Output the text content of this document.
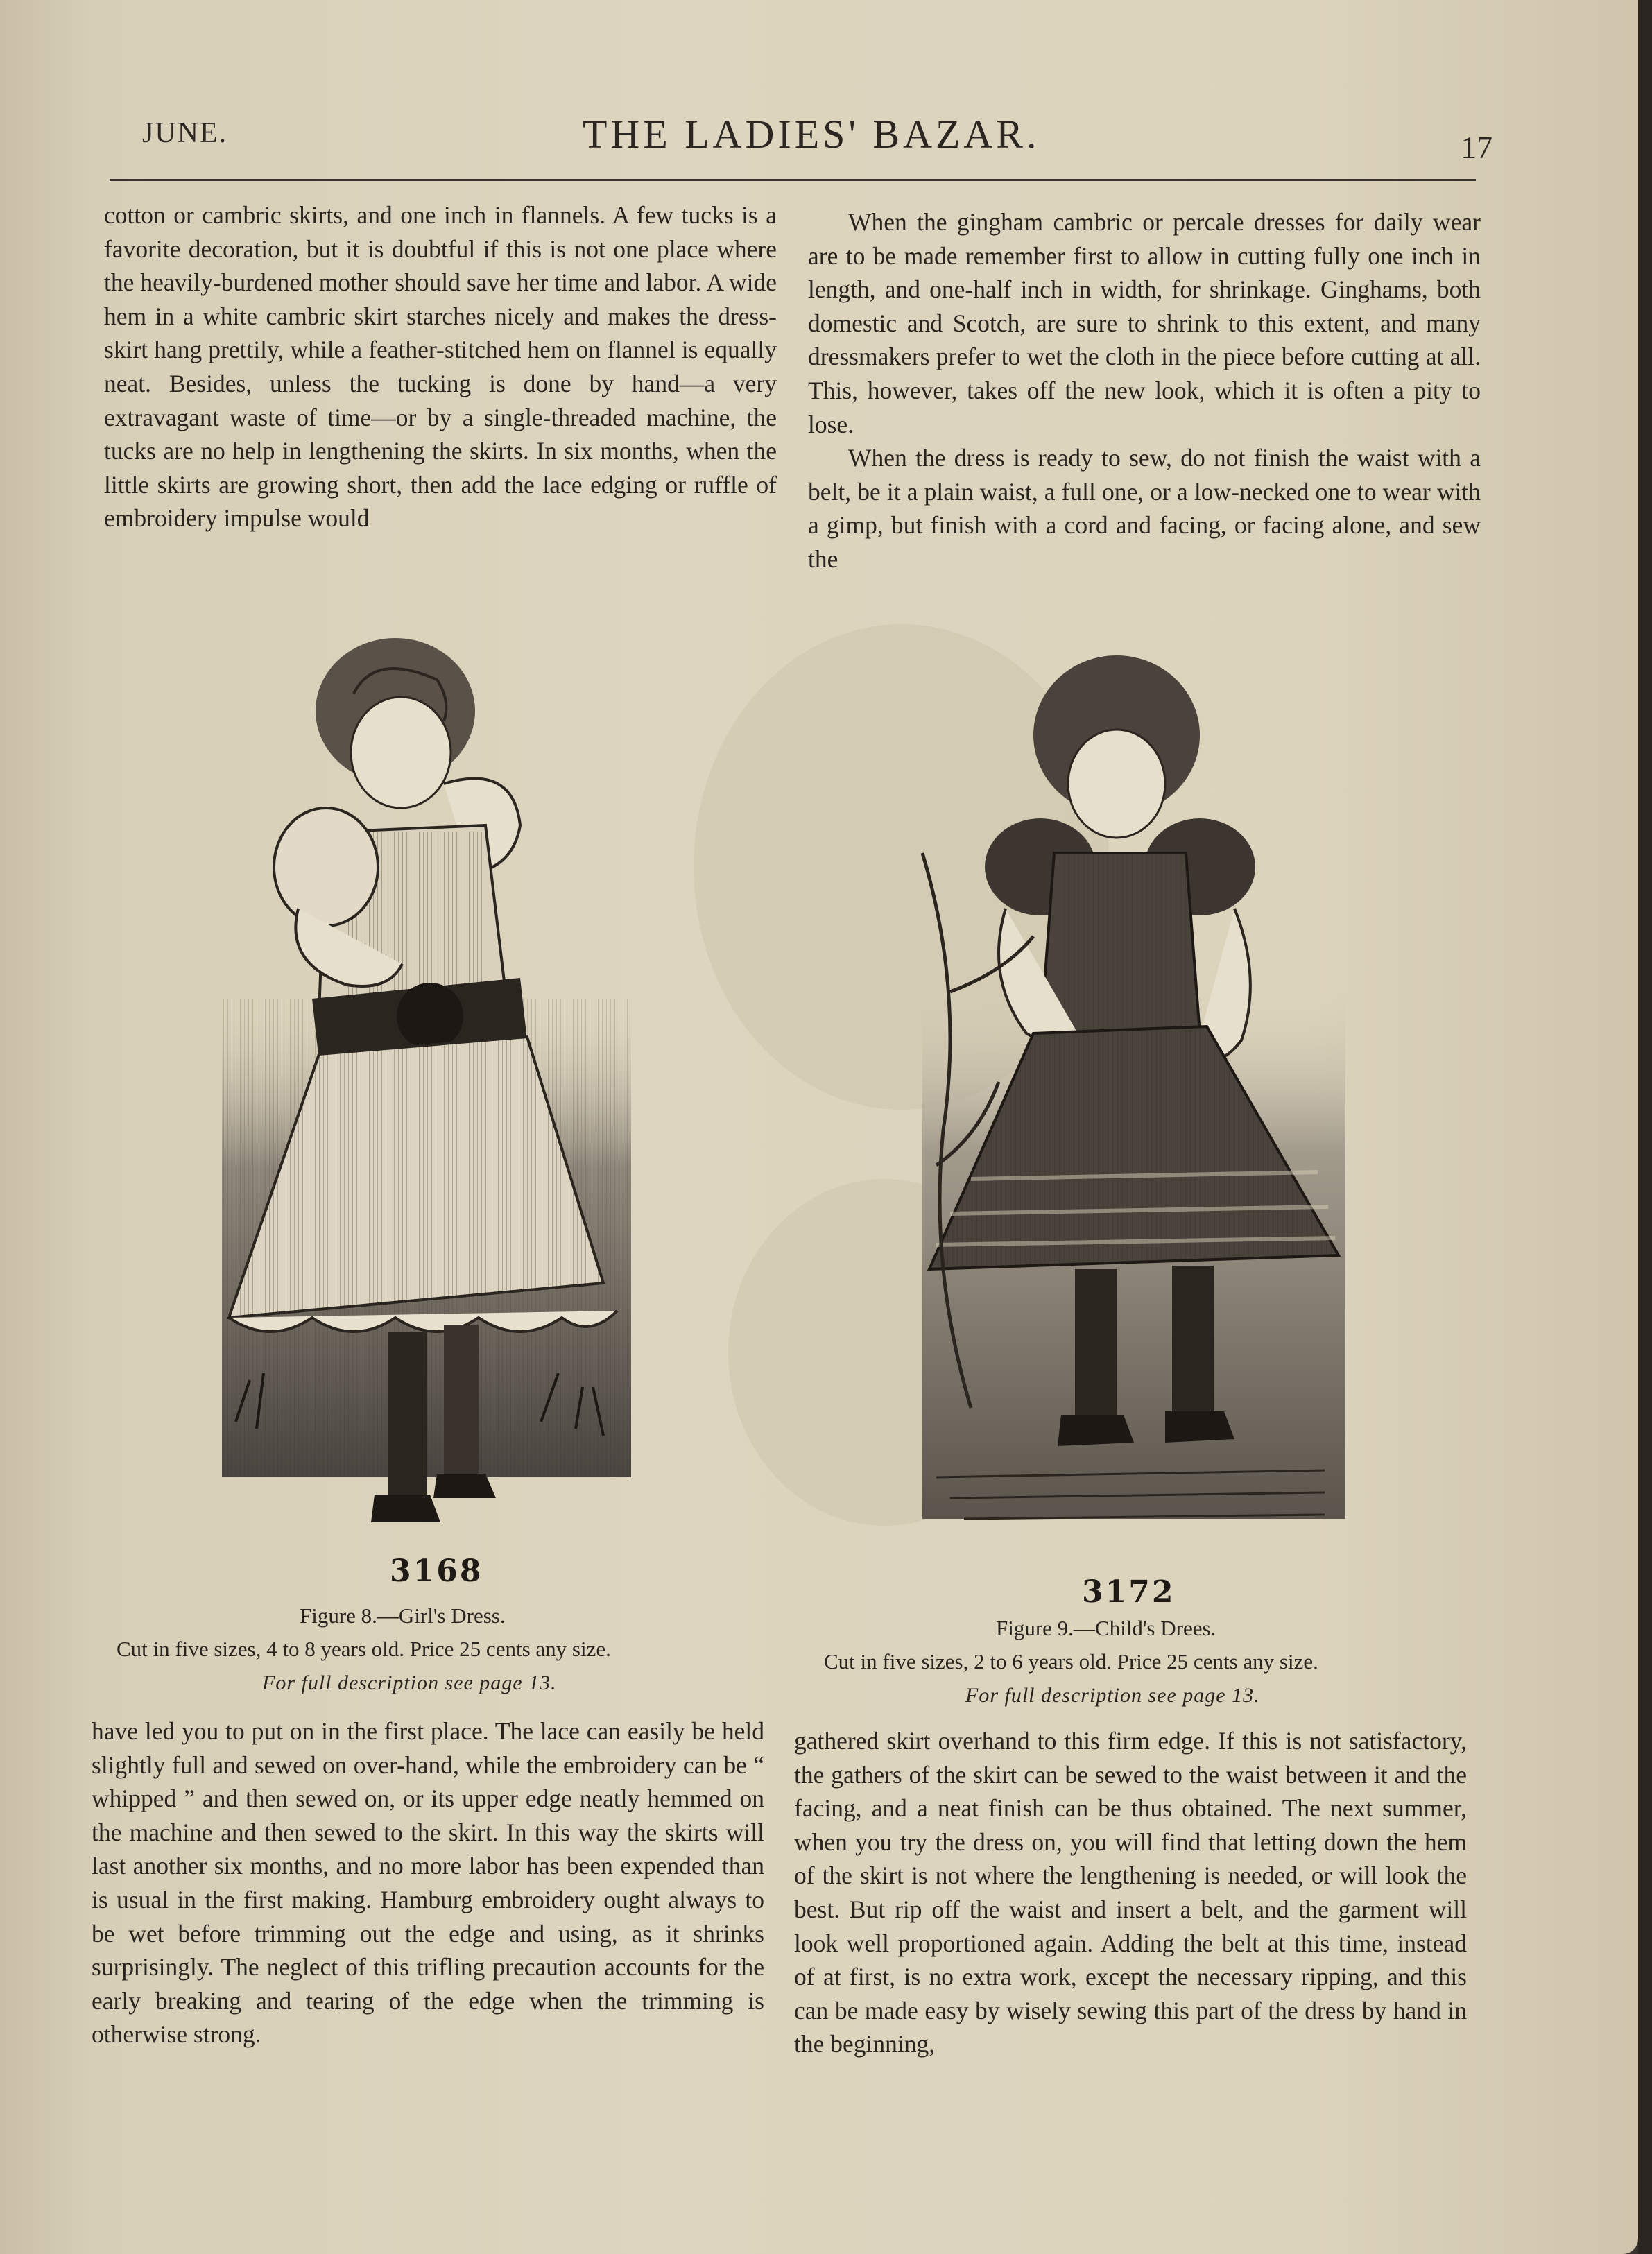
JUNE.	THE LADIES' BAZAR.	17

cotton or cambric skirts, and one inch in flannels. A few tucks is a favorite decoration, but it is doubtful if this is not one place where the heavily-burdened mother should save her time and labor. A wide hem in a white cambric skirt starches nicely and makes the dress-skirt hang prettily, while a feather-stitched hem on flannel is equally neat. Besides, unless the tucking is done by hand—a very extravagant waste of time—or by a single-threaded machine, the tucks are no help in lengthening the skirts. In six months, when the little skirts are growing short, then add the lace edging or ruffle of embroidery impulse would

When the gingham cambric or percale dresses for daily wear are to be made remember first to allow in cutting fully one inch in length, and one-half inch in width, for shrinkage. Ginghams, both domestic and Scotch, are sure to shrink to this extent, and many dressmakers prefer to wet the cloth in the piece before cutting at all. This, however, takes off the new look, which it is often a pity to lose.

When the dress is ready to sew, do not finish the waist with a belt, be it a plain waist, a full one, or a low-necked one to wear with a gimp, but finish with a cord and facing, or facing alone, and sew the

3168
Figure 8.—Girl's Dress.
Cut in five sizes, 4 to 8 years old. Price 25 cents any size.
For full description see page 13.
3172
Figure 9.—Child's Drees.
Cut in five sizes, 2 to 6 years old. Price 25 cents any size.
For full description see page 13.

have led you to put on in the first place. The lace can easily be held slightly full and sewed on over-hand, while the embroidery can be “ whipped ” and then sewed on, or its upper edge neatly hemmed on the machine and then sewed to the skirt. In this way the skirts will last another six months, and no more labor has been expended than is usual in the first making. Hamburg embroidery ought always to be wet before trimming out the edge and using, as it shrinks surprisingly. The neglect of this trifling precaution accounts for the early breaking and tearing of the edge when the trimming is otherwise strong.

gathered skirt overhand to this firm edge. If this is not satisfactory, the gathers of the skirt can be sewed to the waist between it and the facing, and a neat finish can be thus obtained. The next summer, when you try the dress on, you will find that letting down the hem of the skirt is not where the lengthening is needed, or will look the best. But rip off the waist and insert a belt, and the garment will look well proportioned again. Adding the belt at this time, instead of at first, is no extra work, except the necessary ripping, and this can be made easy by wisely sewing this part of the dress by hand in the beginning,
